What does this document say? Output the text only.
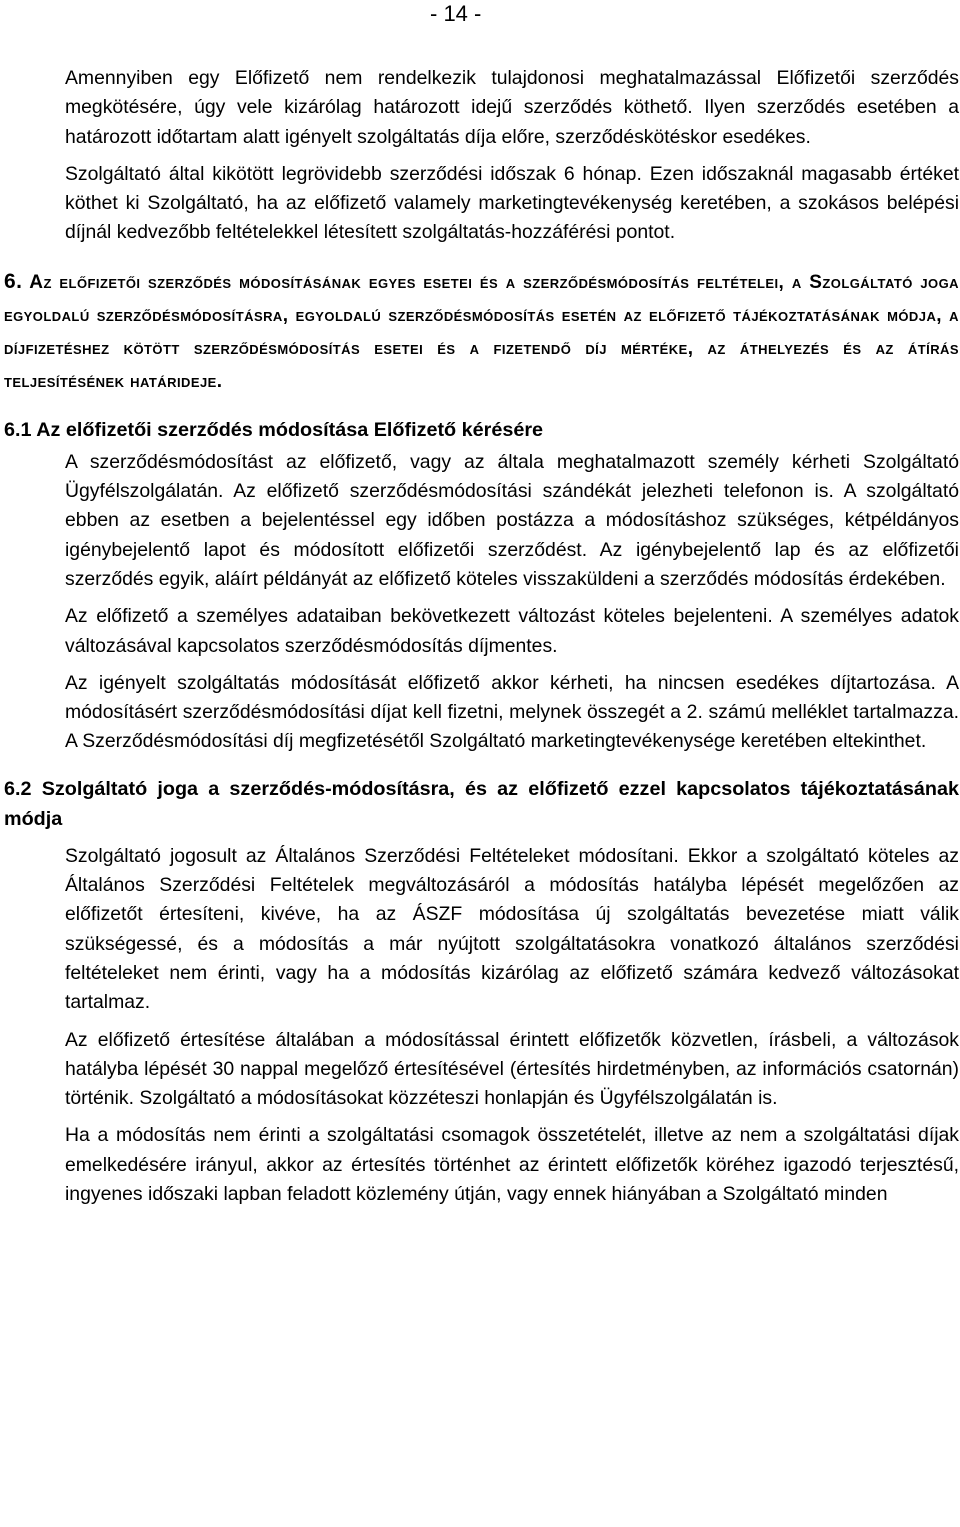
- 14 -

Amennyiben egy Előfizető nem rendelkezik tulajdonosi meghatalmazással Előfizetői szerződés megkötésére, úgy vele kizárólag határozott idejű szerződés köthető. Ilyen szerződés esetében a határozott időtartam alatt igényelt szolgáltatás díja előre, szerződéskötéskor esedékes.

Szolgáltató által kikötött legrövidebb szerződési időszak 6 hónap. Ezen időszaknál magasabb értéket köthet ki Szolgáltató, ha az előfizető valamely marketingtevékenység keretében, a szokásos belépési díjnál kedvezőbb feltételekkel létesített szolgáltatás-hozzáférési pontot.

6. Az előfizetői szerződés módosításának egyes esetei és a szerződésmódosítás feltételei, a Szolgáltató joga egyoldalú szerződésmódosításra, egyoldalú szerződésmódosítás esetén az előfizető tájékoztatásának módja, a díjfizetéshez kötött szerződésmódosítás esetei és a fizetendő díj mértéke, az áthelyezés és az átírás teljesítésének határideje.
6.1 Az előfizetői szerződés módosítása Előfizető kérésére

A szerződésmódosítást az előfizető, vagy az általa meghatalmazott személy kérheti Szolgáltató Ügyfélszolgálatán. Az előfizető szerződésmódosítási szándékát jelezheti telefonon is. A szolgáltató ebben az esetben a bejelentéssel egy időben postázza a módosításhoz szükséges, kétpéldányos igénybejelentő lapot és módosított előfizetői szerződést. Az igénybejelentő lap és az előfizetői szerződés egyik, aláírt példányát az előfizető köteles visszaküldeni a szerződés módosítás érdekében.

Az előfizető a személyes adataiban bekövetkezett változást köteles bejelenteni. A személyes adatok változásával kapcsolatos szerződésmódosítás díjmentes.

Az igényelt szolgáltatás módosítását előfizető akkor kérheti, ha nincsen esedékes díjtartozása. A módosításért szerződésmódosítási díjat kell fizetni, melynek összegét a 2. számú melléklet tartalmazza. A Szerződésmódosítási díj megfizetésétől Szolgáltató marketingtevékenysége keretében eltekinthet.

6.2 Szolgáltató joga a szerződés-módosításra, és az előfizető ezzel kapcsolatos tájékoztatásának módja

Szolgáltató jogosult az Általános Szerződési Feltételeket módosítani. Ekkor a szolgáltató köteles az Általános Szerződési Feltételek megváltozásáról a módosítás hatályba lépését megelőzően az előfizetőt értesíteni, kivéve, ha az ÁSZF módosítása új szolgáltatás bevezetése miatt válik szükségessé, és a módosítás a már nyújtott szolgáltatásokra vonatkozó általános szerződési feltételeket nem érinti, vagy ha a módosítás kizárólag az előfizető számára kedvező változásokat tartalmaz.

Az előfizető értesítése általában a módosítással érintett előfizetők közvetlen, írásbeli, a változások hatályba lépését 30 nappal megelőző értesítésével (értesítés hirdetményben, az információs csatornán) történik. Szolgáltató a módosításokat közzéteszi honlapján és Ügyfélszolgálatán is.

Ha a módosítás nem érinti a szolgáltatási csomagok összetételét, illetve az nem a szolgáltatási díjak emelkedésére irányul, akkor az értesítés történhet az érintett előfizetők köréhez igazodó terjesztésű, ingyenes időszaki lapban feladott közlemény útján, vagy ennek hiányában a Szolgáltató minden
